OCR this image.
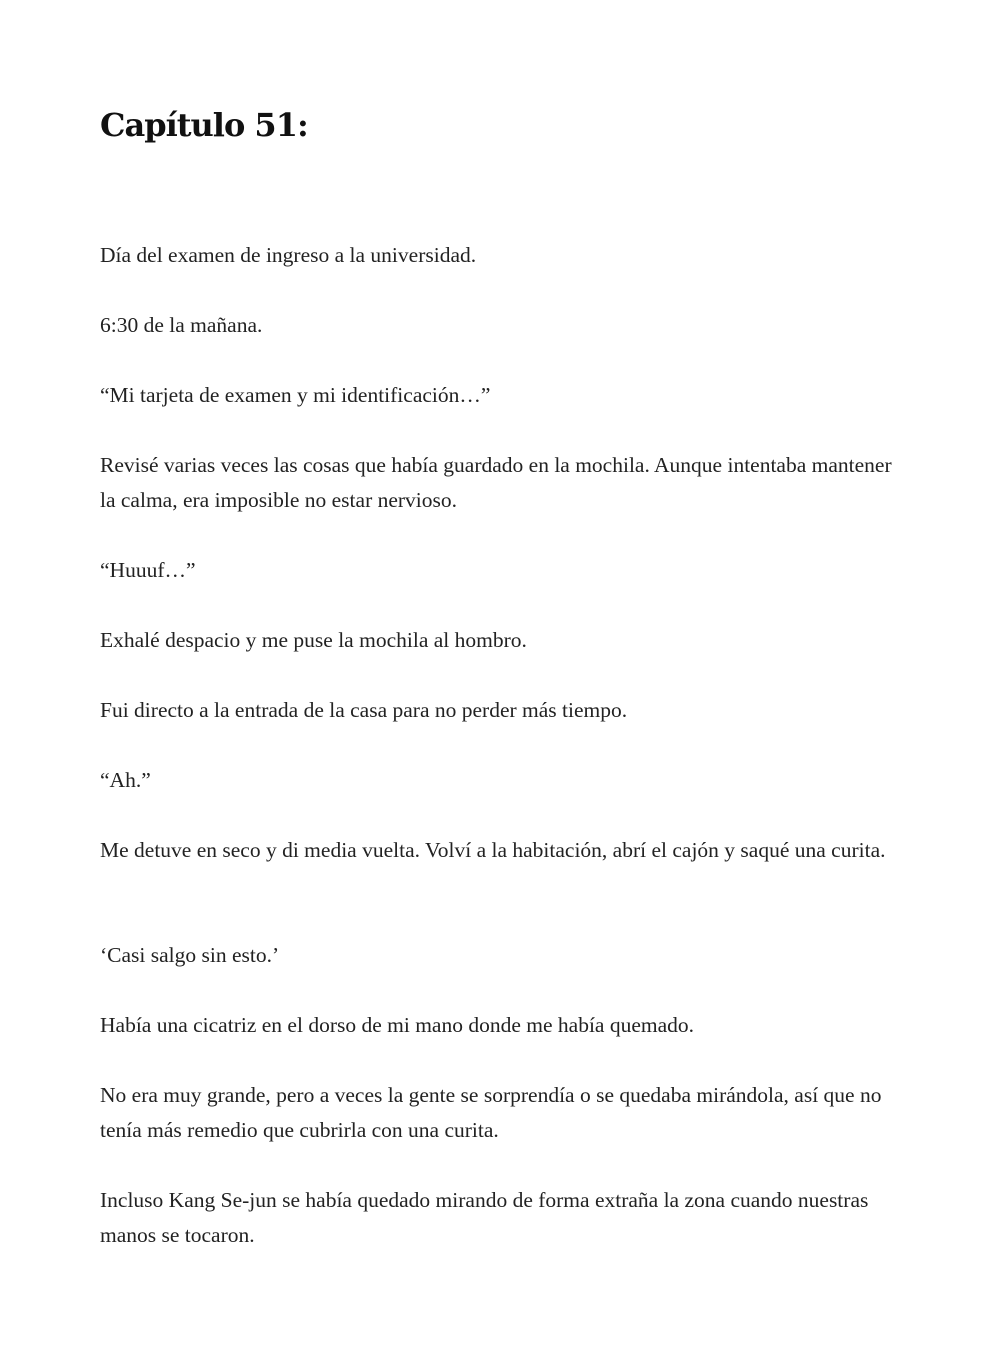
Capítulo 51:

Día del examen de ingreso a la universidad.

6:30 de la mañana.

“Mi tarjeta de examen y mi identificación…”

Revisé varias veces las cosas que había guardado en la mochila. Aunque intentaba mantener la calma, era imposible no estar nervioso.

“Huuuf…”

Exhalé despacio y me puse la mochila al hombro.

Fui directo a la entrada de la casa para no perder más tiempo.

“Ah.”

Me detuve en seco y di media vuelta. Volví a la habitación, abrí el cajón y saqué una curita.

‘Casi salgo sin esto.’

Había una cicatriz en el dorso de mi mano donde me había quemado.

No era muy grande, pero a veces la gente se sorprendía o se quedaba mirándola, así que no tenía más remedio que cubrirla con una curita.

Incluso Kang Se-jun se había quedado mirando de forma extraña la zona cuando nuestras manos se tocaron.
